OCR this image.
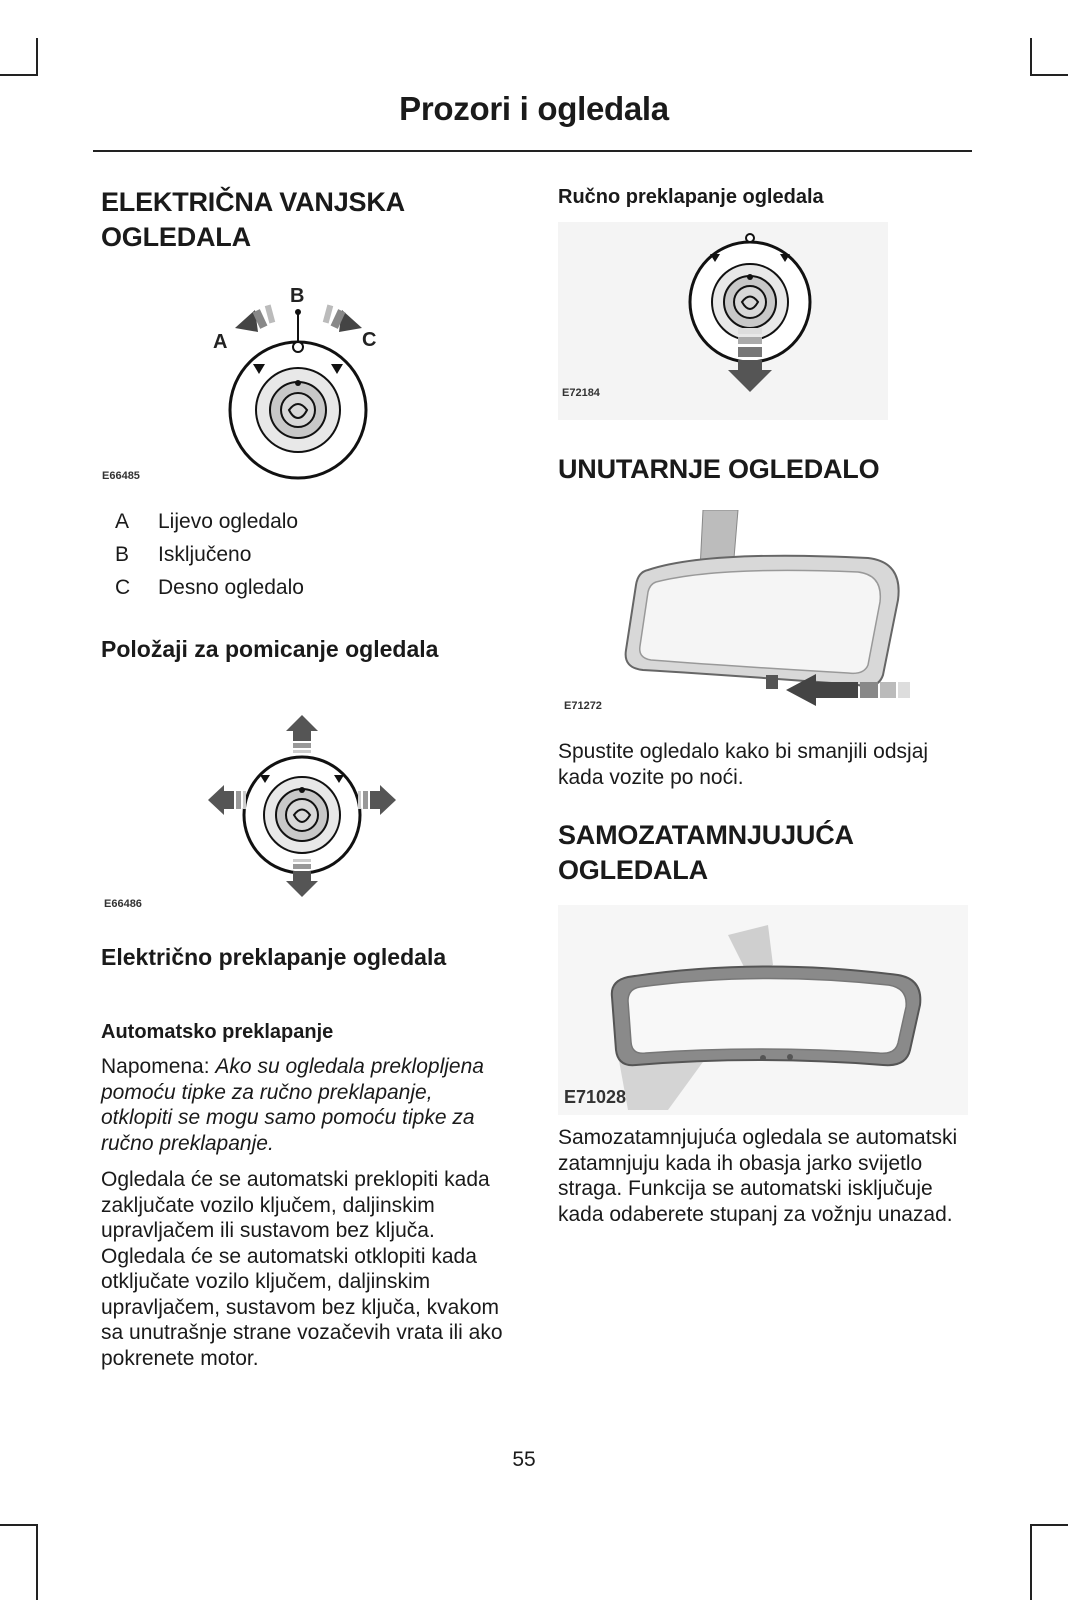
Prozori i ogledala
ELEKTRIČNA VANJSKA OGLEDALA
A
B
C
E66485
A	Lijevo ogledalo
B	Isključeno
C	Desno ogledalo
Položaji za pomicanje ogledala
E66486
Električno preklapanje ogledala
Automatsko preklapanje

Napomena: Ako su ogledala preklopljena pomoću tipke za ručno preklapanje, otklopiti se mogu samo pomoću tipke za ručno preklapanje.

Ogledala će se automatski preklopiti kada zaključate vozilo ključem, daljinskim upravljačem ili sustavom bez ključa. Ogledala će se automatski otklopiti kada otključate vozilo ključem, daljinskim upravljačem, sustavom bez ključa, kvakom sa unutrašnje strane vozačevih vrata ili ako pokrenete motor.

Ručno preklapanje ogledala
E72184
UNUTARNJE OGLEDALO
E71272

Spustite ogledalo kako bi smanjili odsjaj kada vozite po noći.

SAMOZATAMNJUJUĆA OGLEDALA
E71028

Samozatamnjujuća ogledala se automatski zatamnjuju kada ih obasja jarko svijetlo straga. Funkcija se automatski isključuje kada odaberete stupanj za vožnju unazad.

55
